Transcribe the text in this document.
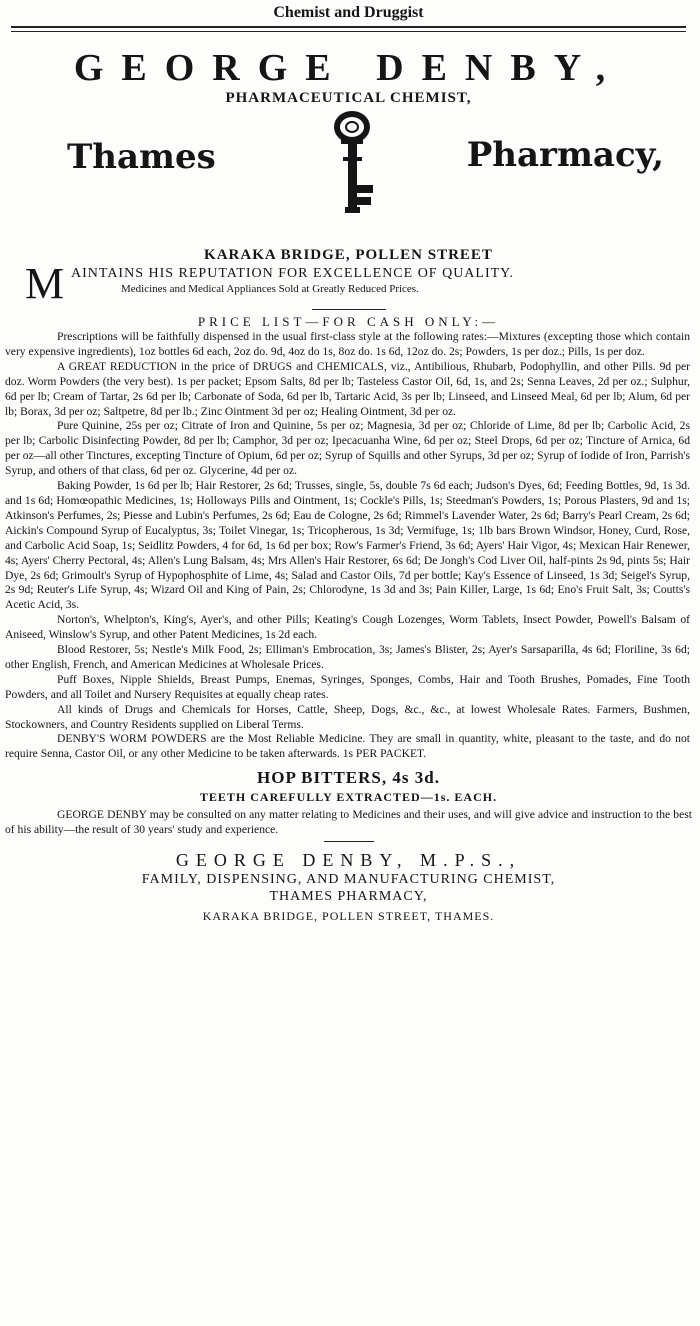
Chemist and Druggist
GEORGE DENBY,
PHARMACEUTICAL CHEMIST,
Thames	Pharmacy,
KARAKA BRIDGE, POLLEN STREET
M AINTAINS HIS REPUTATION FOR EXCELLENCE OF QUALITY.
Medicines and Medical Appliances Sold at Greatly Reduced Prices.
PRICE LIST—FOR CASH ONLY:—

Prescriptions will be faithfully dispensed in the usual first-class style at the following rates:—Mixtures (excepting those which contain very expensive ingredients), 1oz bottles 6d each, 2oz do. 9d, 4oz do 1s, 8oz do. 1s 6d, 12oz do. 2s; Powders, 1s per doz.; Pills, 1s per doz.

A GREAT REDUCTION in the price of DRUGS and CHEMICALS, viz., Antibilious, Rhubarb, Podophyllin, and other Pills. 9d per doz. Worm Powders (the very best). 1s per packet; Epsom Salts, 8d per lb; Tasteless Castor Oil, 6d, 1s, and 2s; Senna Leaves, 2d per oz.; Sulphur, 6d per lb; Cream of Tartar, 2s 6d per lb; Carbonate of Soda, 6d per lb, Tartaric Acid, 3s per lb; Linseed, and Linseed Meal, 6d per lb; Alum, 6d per lb; Borax, 3d per oz; Saltpetre, 8d per lb.; Zinc Ointment 3d per oz; Healing Ointment, 3d per oz.

Pure Quinine, 25s per oz; Citrate of Iron and Quinine, 5s per oz; Magnesia, 3d per oz; Chloride of Lime, 8d per lb; Carbolic Acid, 2s per lb; Carbolic Disinfecting Powder, 8d per lb; Camphor, 3d per oz; Ipecacuanha Wine, 6d per oz; Steel Drops, 6d per oz; Tincture of Arnica, 6d per oz—all other Tinctures, excepting Tincture of Opium, 6d per oz; Syrup of Squills and other Syrups, 3d per oz; Syrup of Iodide of Iron, Parrish's Syrup, and others of that class, 6d per oz. Glycerine, 4d per oz.

Baking Powder, 1s 6d per lb; Hair Restorer, 2s 6d; Trusses, single, 5s, double 7s 6d each; Judson's Dyes, 6d; Feeding Bottles, 9d, 1s 3d. and 1s 6d; Homœopathic Medicines, 1s; Holloways Pills and Ointment, 1s; Cockle's Pills, 1s; Steedman's Powders, 1s; Porous Plasters, 9d and 1s; Atkinson's Perfumes, 2s; Piesse and Lubin's Perfumes, 2s 6d; Eau de Cologne, 2s 6d; Rimmel's Lavender Water, 2s 6d; Barry's Pearl Cream, 2s 6d; Aickin's Compound Syrup of Eucalyptus, 3s; Toilet Vinegar, 1s; Tricopherous, 1s 3d; Vermifuge, 1s; 1lb bars Brown Windsor, Honey, Curd, Rose, and Carbolic Acid Soap, 1s; Seidlitz Powders, 4 for 6d, 1s 6d per box; Row's Farmer's Friend, 3s 6d; Ayers' Hair Vigor, 4s; Mexican Hair Renewer, 4s; Ayers' Cherry Pectoral, 4s; Allen's Lung Balsam, 4s; Mrs Allen's Hair Restorer, 6s 6d; De Jongh's Cod Liver Oil, half-pints 2s 9d, pints 5s; Hair Dye, 2s 6d; Grimoult's Syrup of Hypophosphite of Lime, 4s; Salad and Castor Oils, 7d per bottle; Kay's Essence of Linseed, 1s 3d; Seigel's Syrup, 2s 9d; Reuter's Life Syrup, 4s; Wizard Oil and King of Pain, 2s; Chlorodyne, 1s 3d and 3s; Pain Killer, Large, 1s 6d; Eno's Fruit Salt, 3s; Coutts's Acetic Acid, 3s.

Norton's, Whelpton's, King's, Ayer's, and other Pills; Keating's Cough Lozenges, Worm Tablets, Insect Powder, Powell's Balsam of Aniseed, Winslow's Syrup, and other Patent Medicines, 1s 2d each.

Blood Restorer, 5s; Nestle's Milk Food, 2s; Elliman's Embrocation, 3s; James's Blister, 2s; Ayer's Sarsaparilla, 4s 6d; Floriline, 3s 6d; other English, French, and American Medicines at Wholesale Prices.

Puff Boxes, Nipple Shields, Breast Pumps, Enemas, Syringes, Sponges, Combs, Hair and Tooth Brushes, Pomades, Fine Tooth Powders, and all Toilet and Nursery Requisites at equally cheap rates.

All kinds of Drugs and Chemicals for Horses, Cattle, Sheep, Dogs, &c., &c., at lowest Wholesale Rates. Farmers, Bushmen, Stockowners, and Country Residents supplied on Liberal Terms.

DENBY'S WORM POWDERS are the Most Reliable Medicine. They are small in quantity, white, pleasant to the taste, and do not require Senna, Castor Oil, or any other Medicine to be taken afterwards. 1s PER PACKET.

HOP BITTERS, 4s 3d.
TEETH CAREFULLY EXTRACTED—1s. EACH.

GEORGE DENBY may be consulted on any matter relating to Medicines and their uses, and will give advice and instruction to the best of his ability—the result of 30 years' study and experience.

GEORGE DENBY, M.P.S.,
FAMILY, DISPENSING, AND MANUFACTURING CHEMIST,
THAMES PHARMACY,
KARAKA BRIDGE, POLLEN STREET, THAMES.
